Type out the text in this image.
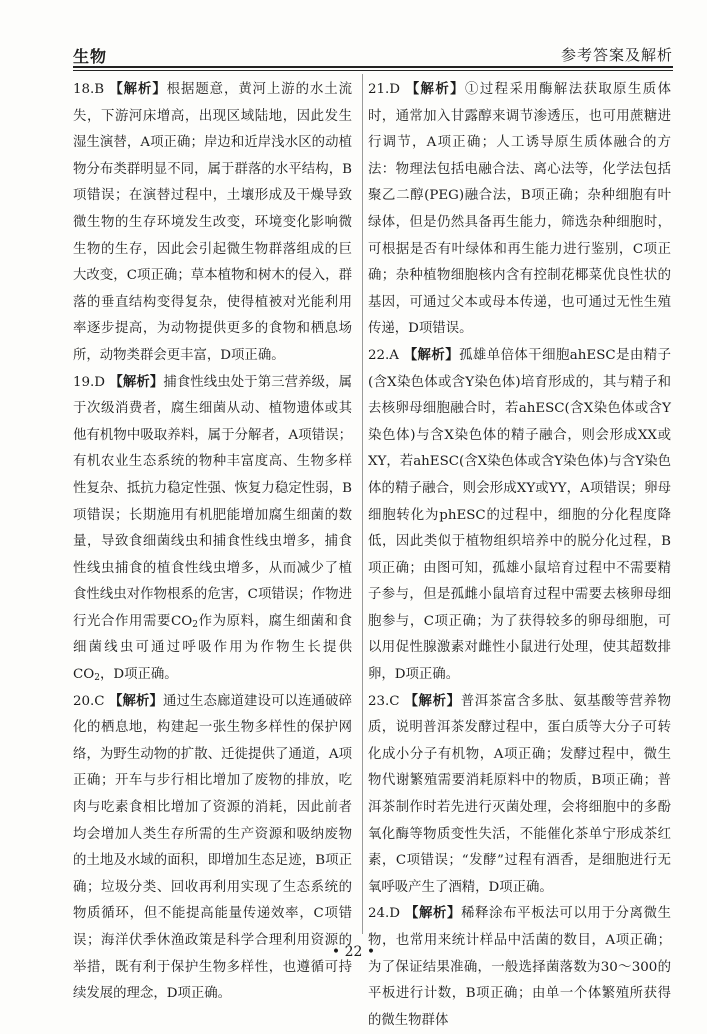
生物	参考答案及解析

18.B 【解析】根据题意，黄河上游的水土流失，下游河床增高，出现区域陆地，因此发生湿生演替，A项正确；岸边和近岸浅水区的动植物分布类群明显不同，属于群落的水平结构，B项错误；在演替过程中，土壤形成及干燥导致微生物的生存环境发生改变，环境变化影响微生物的生存，因此会引起微生物群落组成的巨大改变，C项正确；草本植物和树木的侵入，群落的垂直结构变得复杂，使得植被对光能利用率逐步提高，为动物提供更多的食物和栖息场所，动物类群会更丰富，D项正确。

19.D 【解析】捕食性线虫处于第三营养级，属于次级消费者，腐生细菌从动、植物遗体或其他有机物中吸取养料，属于分解者，A项错误；有机农业生态系统的物种丰富度高、生物多样性复杂、抵抗力稳定性强、恢复力稳定性弱，B项错误；长期施用有机肥能增加腐生细菌的数量，导致食细菌线虫和捕食性线虫增多，捕食性线虫捕食的植食性线虫增多，从而减少了植食性线虫对作物根系的危害，C项错误；作物进行光合作用需要$CO_2$作为原料，腐生细菌和食细菌线虫可通过呼吸作用为作物生长提供$CO_2$，D项正确。

20.C 【解析】通过生态廊道建设可以连通破碎化的栖息地，构建起一张生物多样性的保护网络，为野生动物的扩散、迁徙提供了通道，A项正确；开车与步行相比增加了废物的排放，吃肉与吃素食相比增加了资源的消耗，因此前者均会增加人类生存所需的生产资源和吸纳废物的土地及水域的面积，即增加生态足迹，B项正确；垃圾分类、回收再利用实现了生态系统的物质循环，但不能提高能量传递效率，C项错误；海洋伏季休渔政策是科学合理利用资源的举措，既有利于保护生物多样性，也遵循可持续发展的理念，D项正确。

21.D 【解析】①过程采用酶解法获取原生质体时，通常加入甘露醇来调节渗透压，也可用蔗糖进行调节，A项正确；人工诱导原生质体融合的方法：物理法包括电融合法、离心法等，化学法包括聚乙二醇(PEG)融合法，B项正确；杂种细胞有叶绿体，但是仍然具备再生能力，筛选杂种细胞时，可根据是否有叶绿体和再生能力进行鉴别，C项正确；杂种植物细胞核内含有控制花椰菜优良性状的基因，可通过父本或母本传递，也可通过无性生殖传递，D项错误。

22.A 【解析】孤雄单倍体干细胞ahESC是由精子(含X染色体或含Y染色体)培育形成的，其与精子和去核卵母细胞融合时，若ahESC(含X染色体或含Y染色体)与含X染色体的精子融合，则会形成XX或XY，若ahESC(含X染色体或含Y染色体)与含Y染色体的精子融合，则会形成XY或YY，A项错误；卵母细胞转化为phESC的过程中，细胞的分化程度降低，因此类似于植物组织培养中的脱分化过程，B项正确；由图可知，孤雄小鼠培育过程中不需要精子参与，但是孤雌小鼠培育过程中需要去核卵母细胞参与，C项正确；为了获得较多的卵母细胞，可以用促性腺激素对雌性小鼠进行处理，使其超数排卵，D项正确。

23.C 【解析】普洱茶富含多肽、氨基酸等营养物质，说明普洱茶发酵过程中，蛋白质等大分子可转化成小分子有机物，A项正确；发酵过程中，微生物代谢繁殖需要消耗原料中的物质，B项正确；普洱茶制作时若先进行灭菌处理，会将细胞中的多酚氧化酶等物质变性失活，不能催化茶单宁形成茶红素，C项错误；“发酵”过程有酒香，是细胞进行无氧呼吸产生了酒精，D项正确。

24.D 【解析】稀释涂布平板法可以用于分离微生物，也常用来统计样品中活菌的数目，A项正确；为了保证结果准确，一般选择菌落数为30～300的平板进行计数，B项正确；由单一个体繁殖所获得的微生物群体

• 22 •
